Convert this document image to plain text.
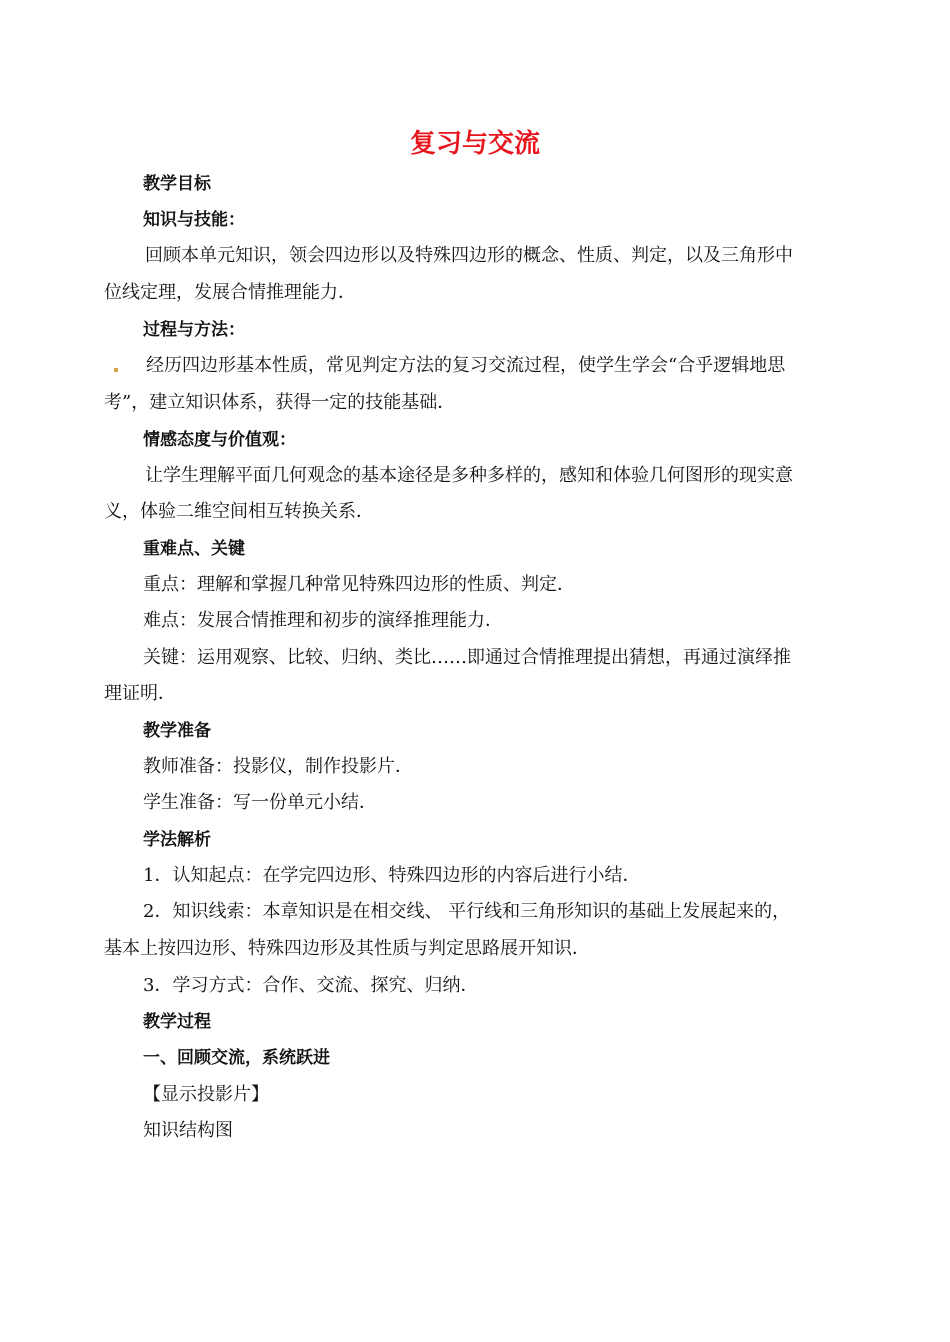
复习与交流
教学目标
知识与技能：
回顾本单元知识，领会四边形以及特殊四边形的概念、性质、判定，以及三角形中
位线定理，发展合情推理能力．
过程与方法：
经历四边形基本性质，常见判定方法的复习交流过程，使学生学会“合乎逻辑地思
考”，建立知识体系，获得一定的技能基础．
情感态度与价值观：
让学生理解平面几何观念的基本途径是多种多样的，感知和体验几何图形的现实意
义，体验二维空间相互转换关系．
重难点、关键
重点：理解和掌握几种常见特殊四边形的性质、判定．
难点：发展合情推理和初步的演绎推理能力．
关键：运用观察、比较、归纳、类比……即通过合情推理提出猜想，再通过演绎推
理证明．
教学准备
教师准备：投影仪，制作投影片．
学生准备：写一份单元小结．
学法解析
1．认知起点：在学完四边形、特殊四边形的内容后进行小结．
2．知识线索：本章知识是在相交线、 平行线和三角形知识的基础上发展起来的，
基本上按四边形、特殊四边形及其性质与判定思路展开知识．
3．学习方式：合作、交流、探究、归纳．
教学过程
一、回顾交流，系统跃进
【显示投影片】
知识结构图
